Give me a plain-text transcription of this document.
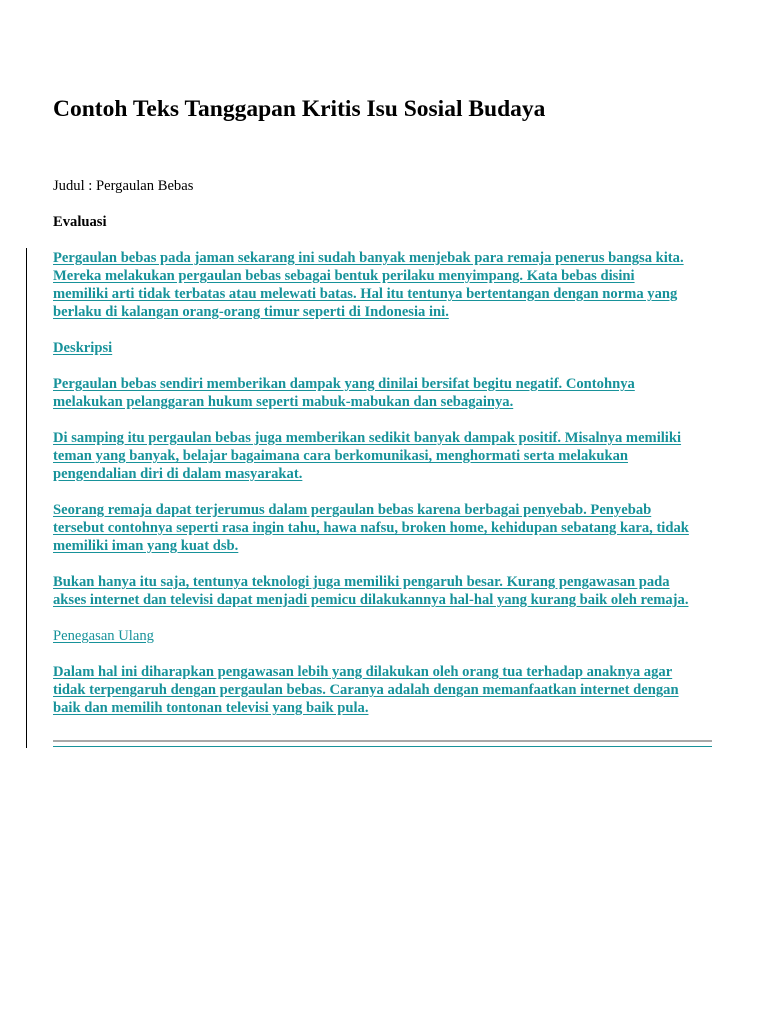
Contoh Teks Tanggapan Kritis Isu Sosial Budaya
Judul : Pergaulan Bebas
Evaluasi

Pergaulan bebas pada jaman sekarang ini sudah banyak menjebak para remaja penerus bangsa kita.
Mereka melakukan pergaulan bebas sebagai bentuk perilaku menyimpang. Kata bebas disini
memiliki arti tidak terbatas atau melewati batas. Hal itu tentunya bertentangan dengan norma yang
berlaku di kalangan orang-orang timur seperti di Indonesia ini.

Deskripsi

Pergaulan bebas sendiri memberikan dampak yang dinilai bersifat begitu negatif. Contohnya
melakukan pelanggaran hukum seperti mabuk-mabukan dan sebagainya.

Di samping itu pergaulan bebas juga memberikan sedikit banyak dampak positif. Misalnya memiliki
teman yang banyak, belajar bagaimana cara berkomunikasi, menghormati serta melakukan
pengendalian diri di dalam masyarakat.

Seorang remaja dapat terjerumus dalam pergaulan bebas karena berbagai penyebab. Penyebab
tersebut contohnya seperti rasa ingin tahu, hawa nafsu, broken home, kehidupan sebatang kara, tidak
memiliki iman yang kuat dsb.

Bukan hanya itu saja, tentunya teknologi juga memiliki pengaruh besar. Kurang pengawasan pada
akses internet dan televisi dapat menjadi pemicu dilakukannya hal-hal yang kurang baik oleh remaja.

Penegasan Ulang

Dalam hal ini diharapkan pengawasan lebih yang dilakukan oleh orang tua terhadap anaknya agar
tidak terpengaruh dengan pergaulan bebas. Caranya adalah dengan memanfaatkan internet dengan
baik dan memilih tontonan televisi yang baik pula.
